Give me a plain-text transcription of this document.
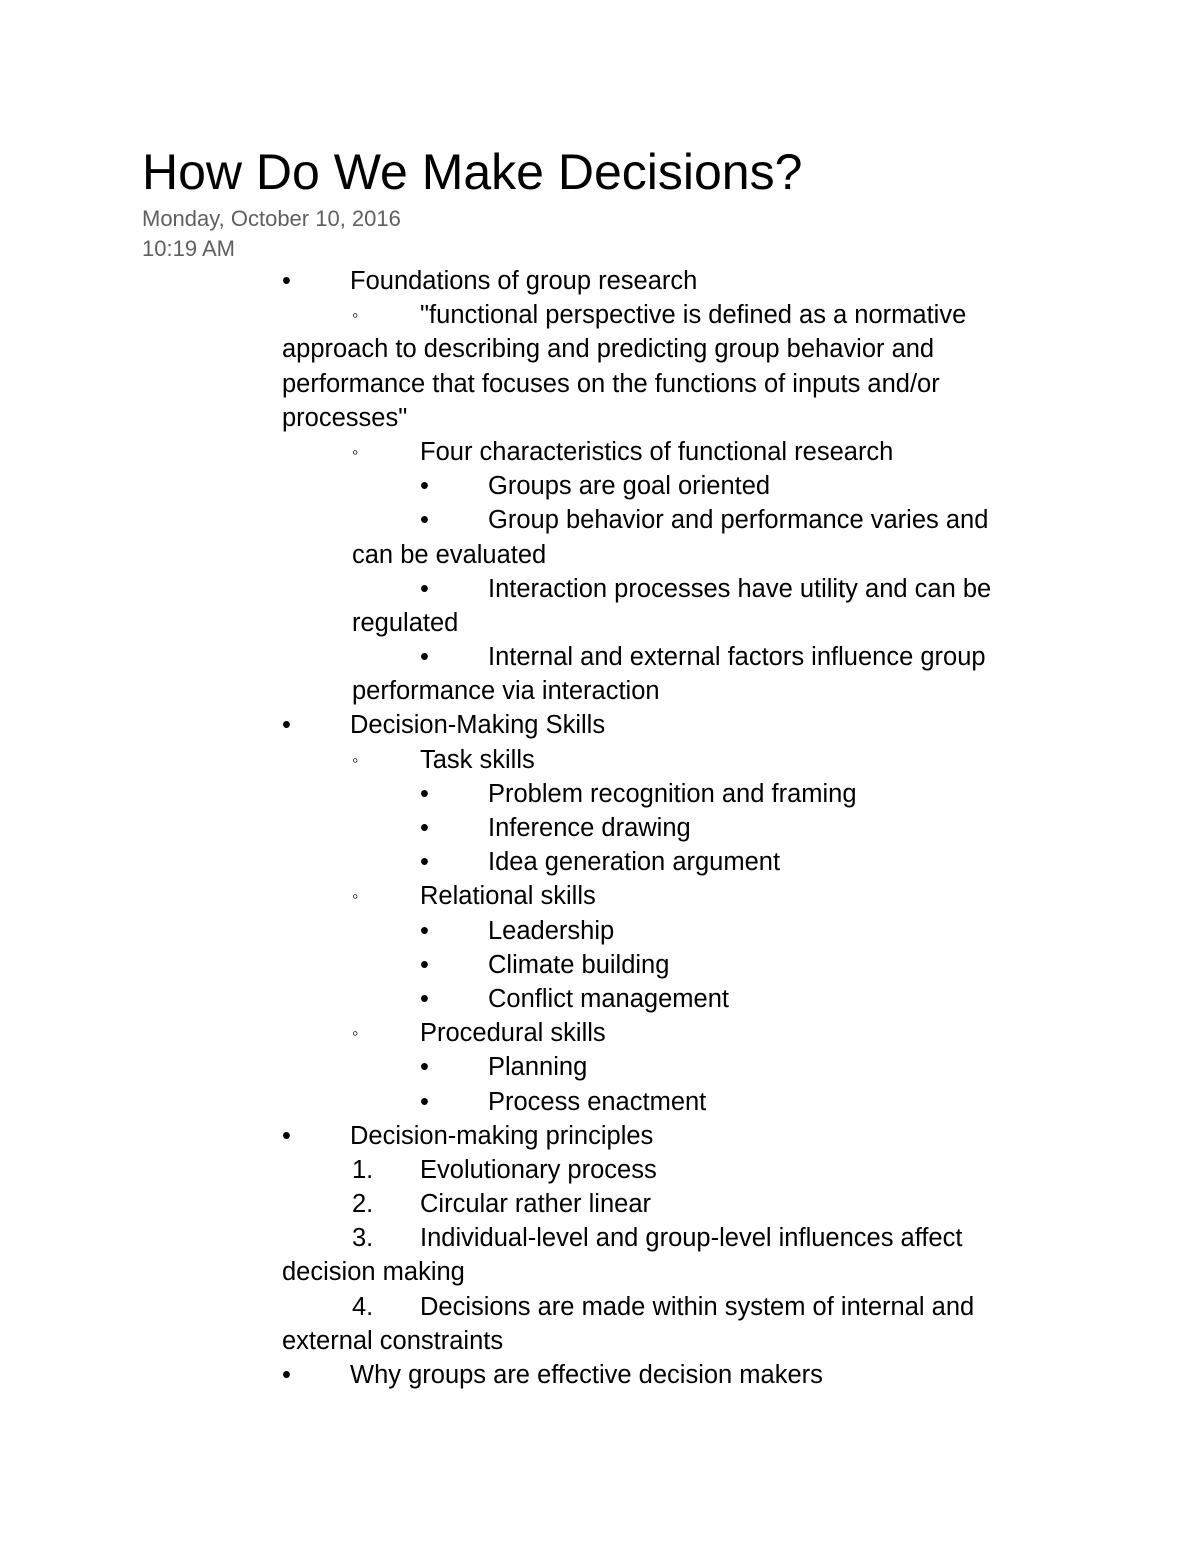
How Do We Make Decisions?
Monday, October 10, 2016
10:19 AM
• Foundations of group research
◦ "functional perspective is defined as a normative
approach to describing and predicting group behavior and
performance that focuses on the functions of inputs and/or
processes"
◦ Four characteristics of functional research
• Groups are goal oriented
• Group behavior and performance varies and
can be evaluated
• Interaction processes have utility and can be
regulated
• Internal and external factors influence group
performance via interaction
• Decision-Making Skills
◦ Task skills
• Problem recognition and framing
• Inference drawing
• Idea generation argument
◦ Relational skills
• Leadership
• Climate building
• Conflict management
◦ Procedural skills
• Planning
• Process enactment
• Decision-making principles
1. Evolutionary process
2. Circular rather linear
3. Individual-level and group-level influences affect
decision making
4. Decisions are made within system of internal and
external constraints
• Why groups are effective decision makers
